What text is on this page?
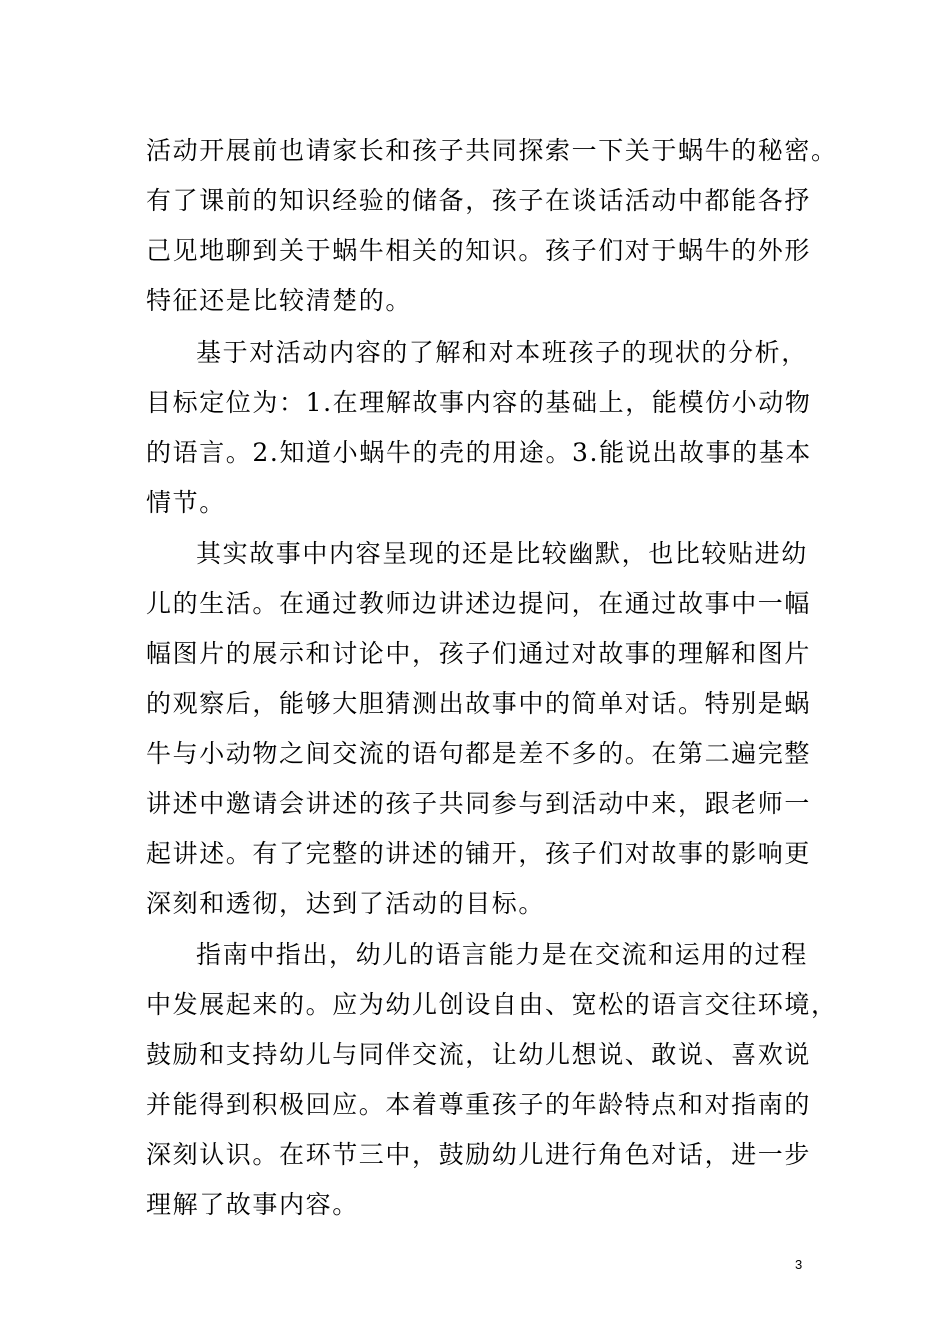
活动开展前也请家长和孩子共同探索一下关于蜗牛的秘密。
有了课前的知识经验的储备，孩子在谈话活动中都能各抒
己见地聊到关于蜗牛相关的知识。孩子们对于蜗牛的外形
特征还是比较清楚的。
基于对活动内容的了解和对本班孩子的现状的分析，
目标定位为：1.在理解故事内容的基础上，能模仿小动物
的语言。2.知道小蜗牛的壳的用途。3.能说出故事的基本
情节。
其实故事中内容呈现的还是比较幽默，也比较贴进幼
儿的生活。在通过教师边讲述边提问，在通过故事中一幅
幅图片的展示和讨论中，孩子们通过对故事的理解和图片
的观察后，能够大胆猜测出故事中的简单对话。特别是蜗
牛与小动物之间交流的语句都是差不多的。在第二遍完整
讲述中邀请会讲述的孩子共同参与到活动中来，跟老师一
起讲述。有了完整的讲述的铺开，孩子们对故事的影响更
深刻和透彻，达到了活动的目标。
指南中指出，幼儿的语言能力是在交流和运用的过程
中发展起来的。应为幼儿创设自由、宽松的语言交往环境，
鼓励和支持幼儿与同伴交流，让幼儿想说、敢说、喜欢说
并能得到积极回应。本着尊重孩子的年龄特点和对指南的
深刻认识。在环节三中，鼓励幼儿进行角色对话，进一步
理解了故事内容。
3
